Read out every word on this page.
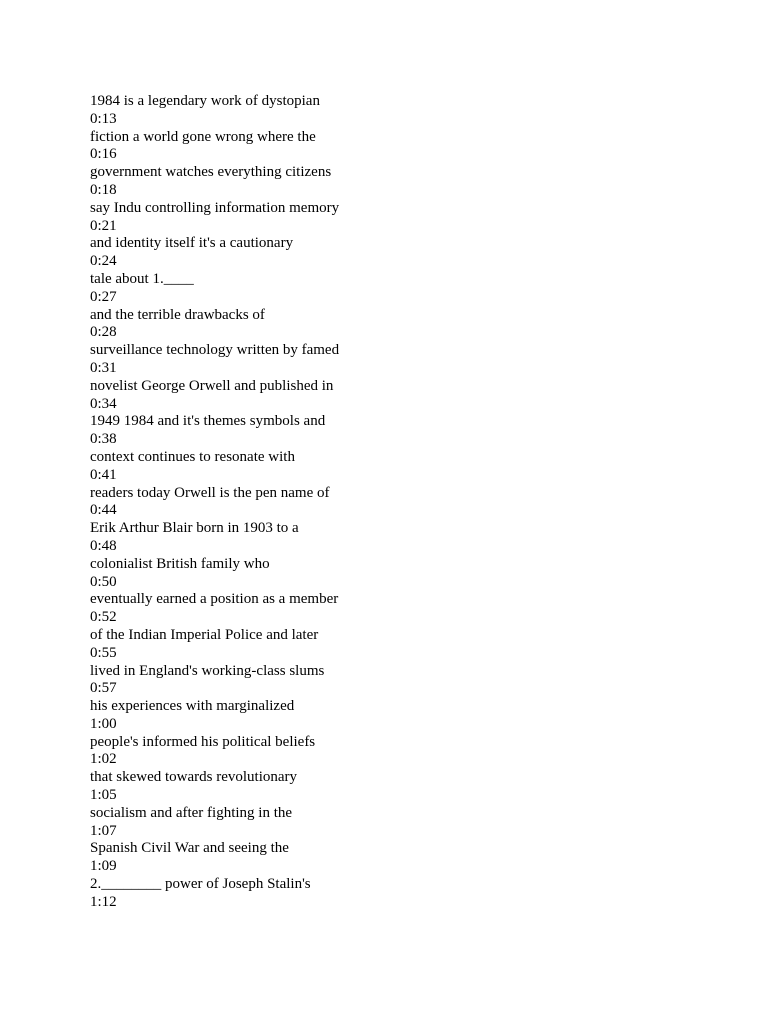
1984 is a legendary work of dystopian
0:13
fiction a world gone wrong where the
0:16
government watches everything citizens
0:18
say Indu controlling information memory
0:21
and identity itself it's a cautionary
0:24
tale about 1.____
0:27
and the terrible drawbacks of
0:28
surveillance technology written by famed
0:31
novelist George Orwell and published in
0:34
1949 1984 and it's themes symbols and
0:38
context continues to resonate with
0:41
readers today Orwell is the pen name of
0:44
Erik Arthur Blair born in 1903 to a
0:48
colonialist British family who
0:50
eventually earned a position as a member
0:52
of the Indian Imperial Police and later
0:55
lived in England's working-class slums
0:57
his experiences with marginalized
1:00
people's informed his political beliefs
1:02
that skewed towards revolutionary
1:05
socialism and after fighting in the
1:07
Spanish Civil War and seeing the
1:09
2.________ power of Joseph Stalin's
1:12
